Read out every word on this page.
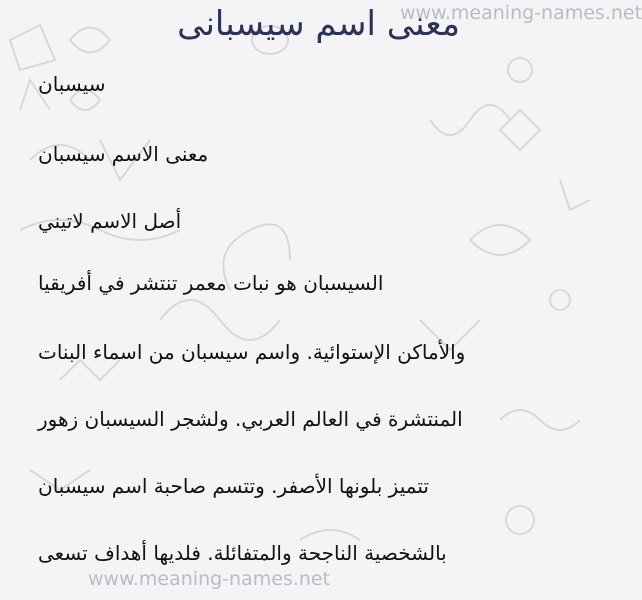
www.meaning-names.net
معنى اسم سيسبانى
سيسبان
معنى الاسم سيسبان
أصل الاسم لاتيني
السيسبان هو نبات معمر تنتشر في أفريقيا
والأماكن الإستوائية. واسم سيسبان من اسماء البنات
المنتشرة في العالم العربي. ولشجر السيسبان زهور
تتميز بلونها الأصفر. وتتسم صاحبة اسم سيسبان
بالشخصية الناجحة والمتفائلة. فلديها أهداف تسعى
www.meaning-names.net
